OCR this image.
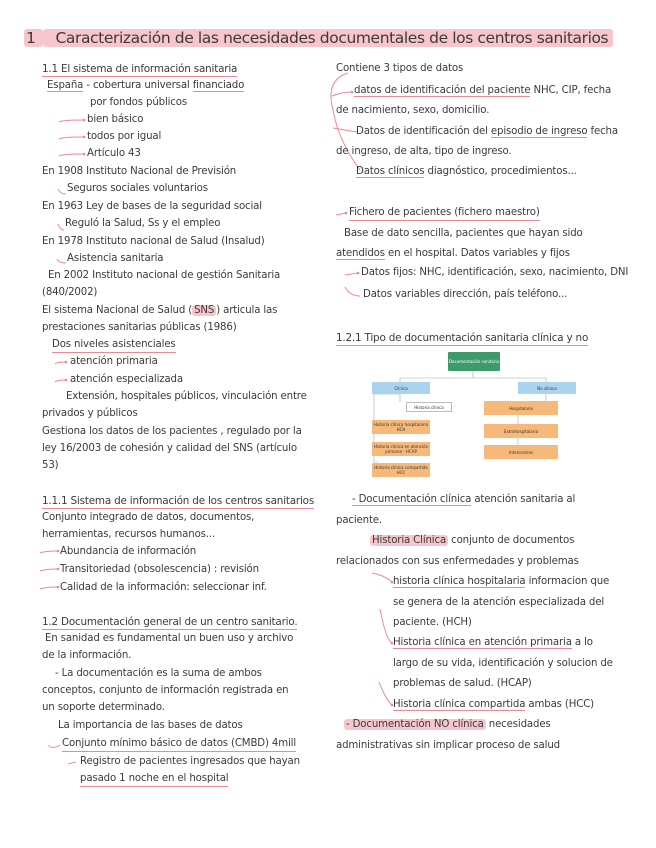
1 Caracterización de las necesidades documentales de los centros sanitarios
1.1 El sistema de información sanitaria
España - cobertura universal financiado
por fondos públicos
bien básico
todos por igual
Artículo 43
En 1908 Instituto Nacional de Previsión
Seguros sociales voluntarios
En 1963 Ley de bases de la seguridad social
Reguló la Salud, Ss y el empleo
En 1978 Instituto nacional de Salud (Insalud)
Asistencia sanitaria
En 2002 Instituto nacional de gestión Sanitaria
(840/2002)
El sistema Nacional de Salud ( SNS ) articula las
prestaciones sanitarias públicas (1986)
Dos niveles asistenciales
atención primaria
atención especializada
Extensión, hospitales públicos, vinculación entre
privados y públicos
Gestiona los datos de los pacientes , regulado por la
ley 16/2003 de cohesión y calidad del SNS (artículo
53)
1.1.1 Sistema de información de los centros sanitarios
Conjunto integrado de datos, documentos,
herramientas, recursos humanos...
Abundancia de información
Transitoriedad (obsolescencia) : revisión
Calidad de la información: seleccionar inf.
1.2 Documentación general de un centro sanitario.
En sanidad es fundamental un buen uso y archivo
de la información.
- La documentación es la suma de ambos
conceptos, conjunto de información registrada en
un soporte determinado.
La importancia de las bases de datos
Conjunto mínimo básico de datos (CMBD) 4mill
Registro de pacientes ingresados que hayan
pasado 1 noche en el hospital
Contiene 3 tipos de datos
datos de identificación del paciente NHC, CIP, fecha
de nacimiento, sexo, domicilio.
Datos de identificación del episodio de ingreso fecha
de ingreso, de alta, tipo de ingreso.
Datos clínicos diagnóstico, procedimientos...
Fichero de pacientes (fichero maestro)
Base de dato sencilla, pacientes que hayan sido
atendidos en el hospital. Datos variables y fijos
Datos fijos: NHC, identificación, sexo, nacimiento, DNI
Datos variables dirección, país teléfono...
1.2.1 Tipo de documentación sanitaria clínica y no
Documentación sanitaria
Clínica	No clínica
Historia clínica
Historia clínica hospitalaria HCH
Historia clínica en atención primaria - HCAP
Historia clínica compartida HCC
Hospitalaria
Extrahospitalaria
Intercentros
- Documentación clínica atención sanitaria al
paciente.
Historia Clínica conjunto de documentos
relacionados con sus enfermedades y problemas
historia clínica hospitalaria informacion que
se genera de la atención especializada del
paciente. (HCH)
Historia clínica en atención primaria a lo
largo de su vida, identificación y solucion de
problemas de salud. (HCAP)
Historia clínica compartida ambas (HCC)
- Documentación NO clínica necesidades
administrativas sin implicar proceso de salud
